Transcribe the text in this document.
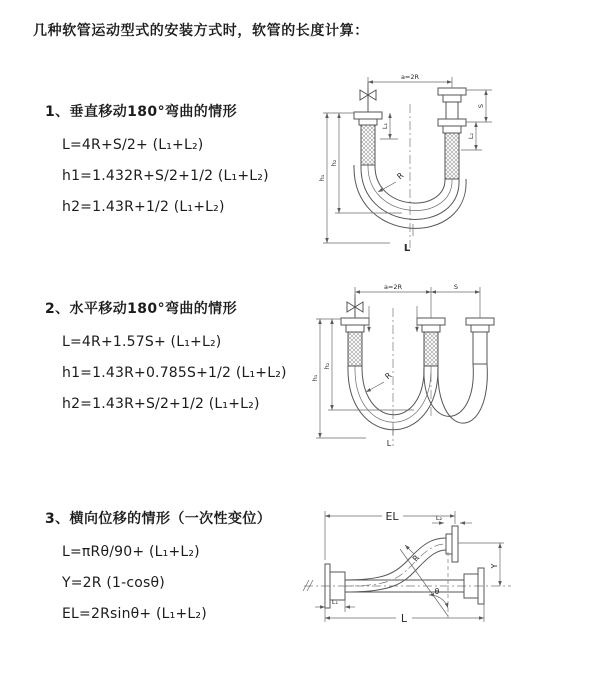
几种软管运动型式的安装方式时，软管的长度计算：
1、垂直移动180°弯曲的情形
L=4R+S/2+ (L₁+L₂)
h1=1.432R+S/2+1/2 (L₁+L₂)
h2=1.43R+1/2 (L₁+L₂)
2、水平移动180°弯曲的情形
L=4R+1.57S+ (L₁+L₂)
h1=1.43R+0.785S+1/2 (L₁+L₂)
h2=1.43R+S/2+1/2 (L₁+L₂)
3、横向位移的情形（一次性变位）
L=πRθ/90+ (L₁+L₂)
Y=2R (1-cosθ)
EL=2Rsinθ+ (L₁+L₂)
a=2R
h₁
h₂
L₁
S
L₂
R
L
a=2R	S
h₁
h₂
R
L
EL	L₂
Y
R
θ
L₁
L
